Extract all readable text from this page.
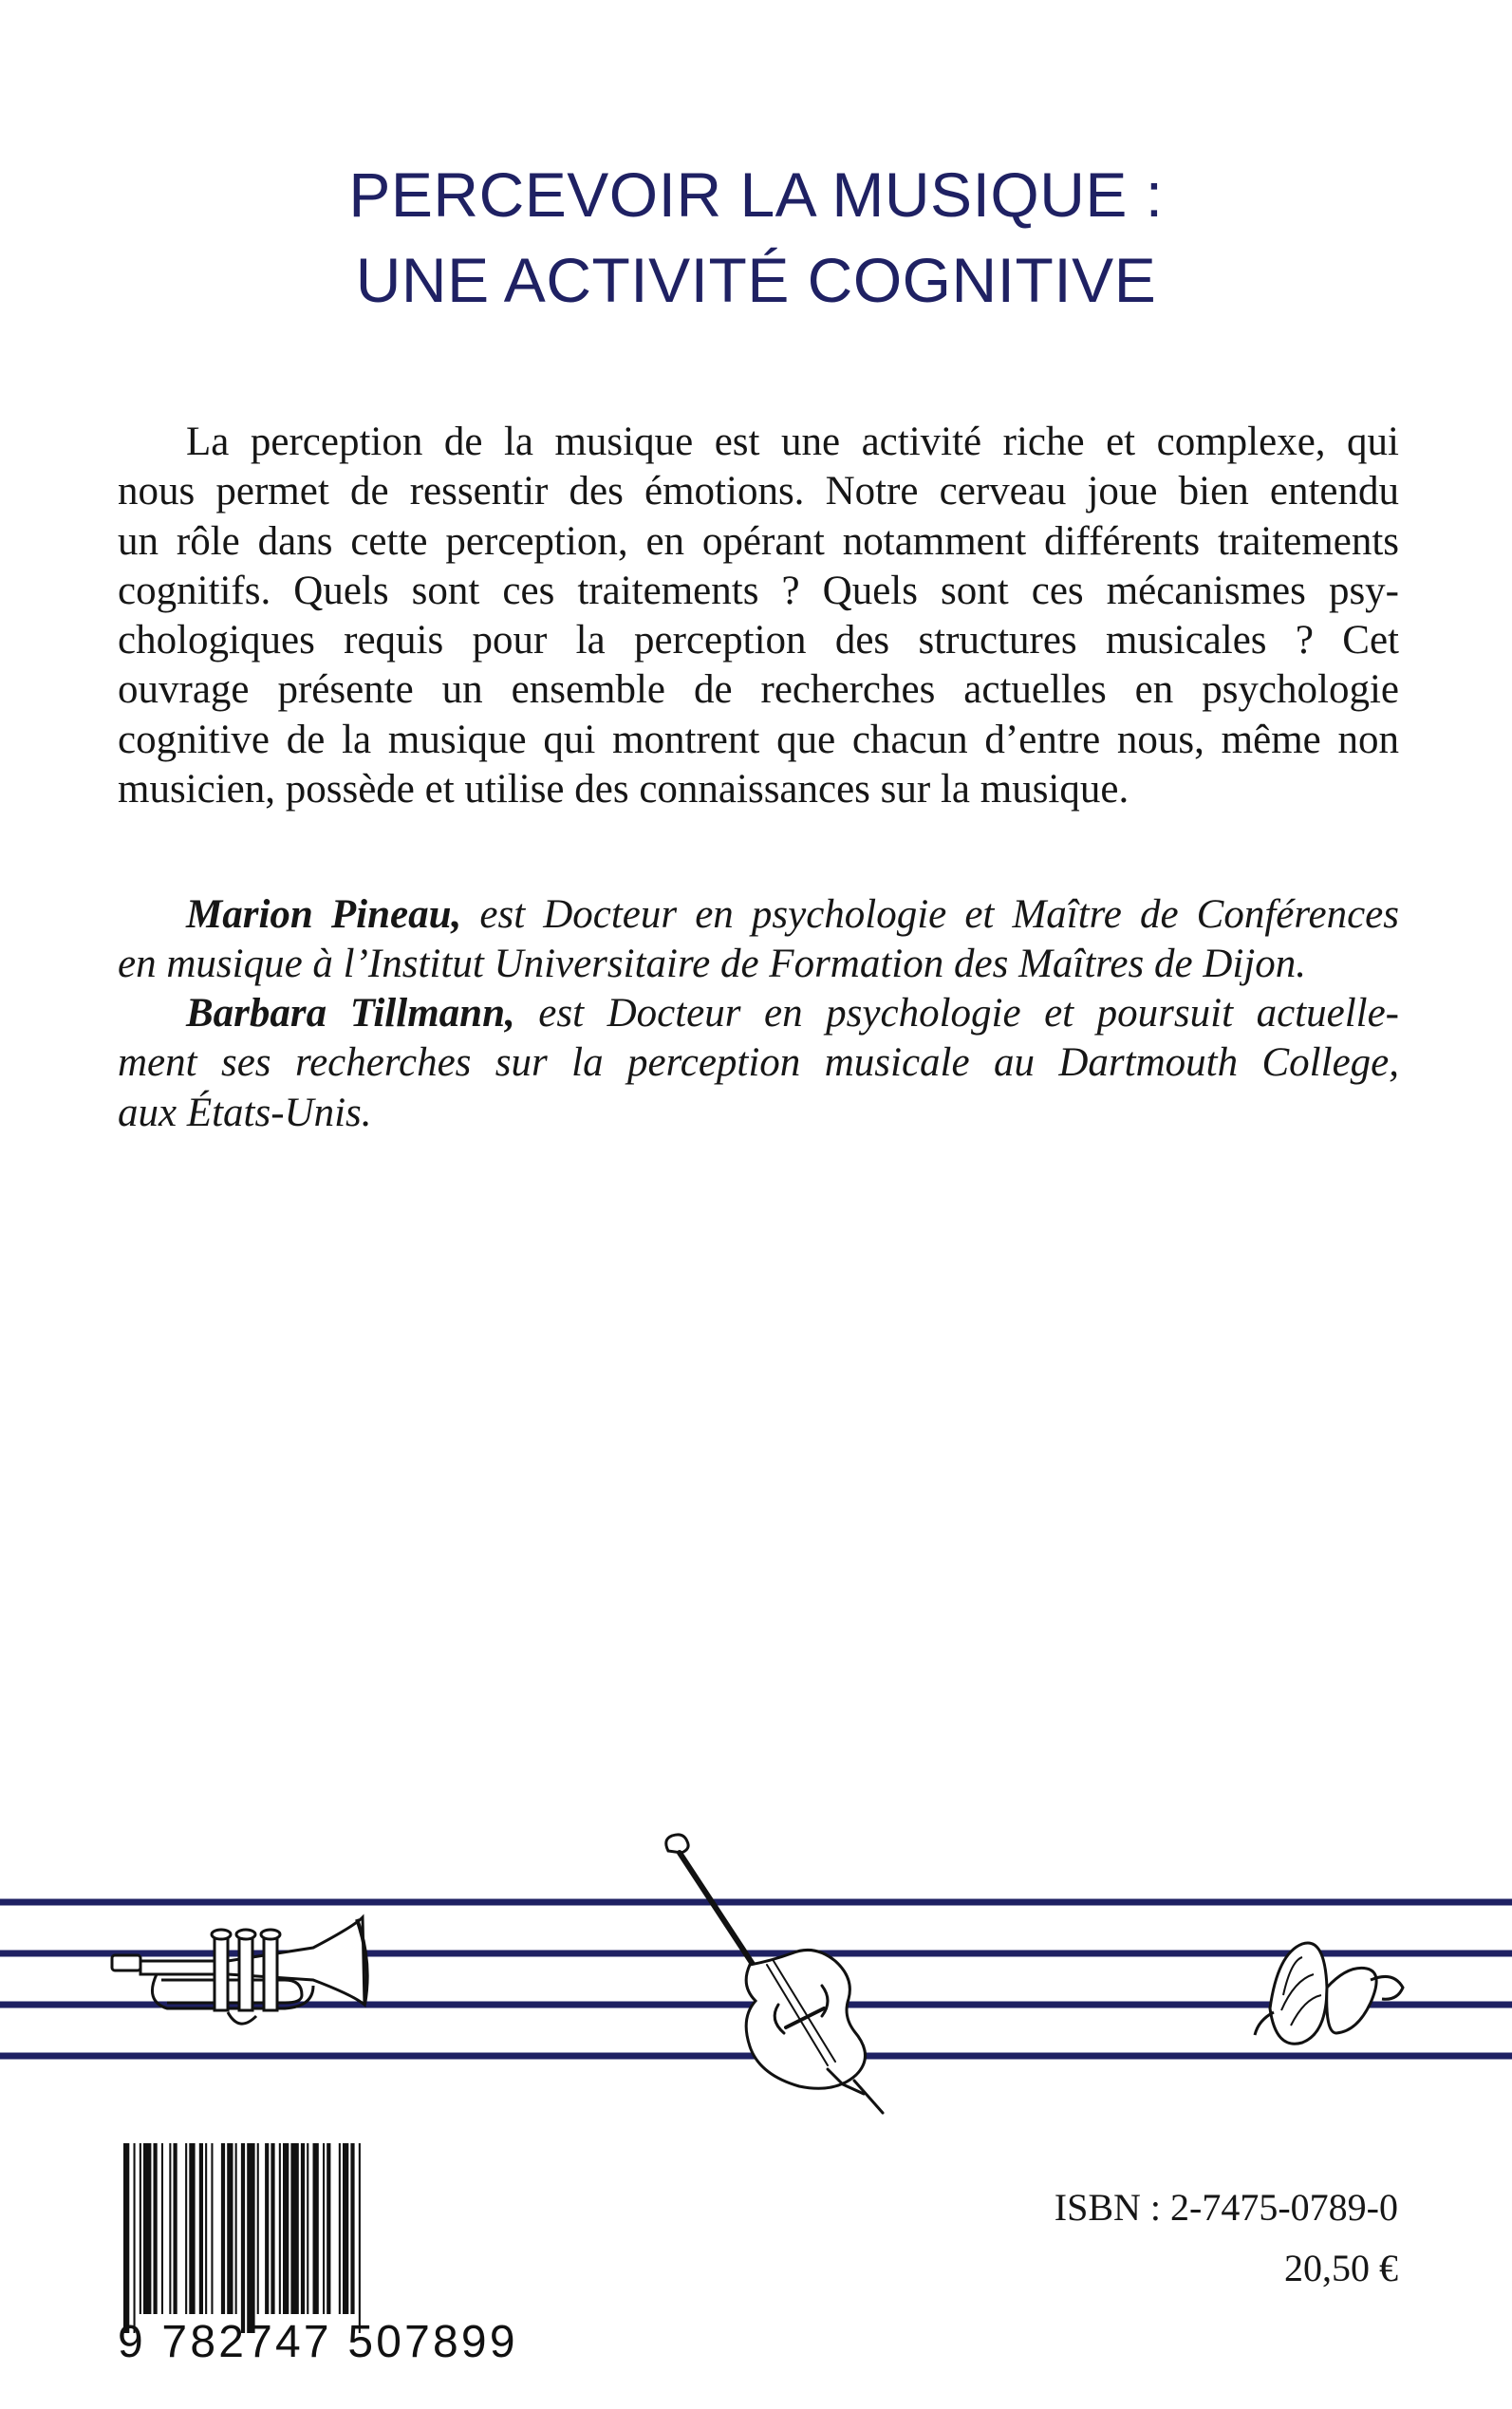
PERCEVOIR LA MUSIQUE :
UNE ACTIVITÉ COGNITIVE

La perception de la musique est une activité riche et complexe, qui
nous permet de ressentir des émotions. Notre cerveau joue bien entendu
un rôle dans cette perception, en opérant notamment différents traitements
cognitifs. Quels sont ces traitements ? Quels sont ces mécanismes psy-
chologiques requis pour la perception des structures musicales ? Cet
ouvrage présente un ensemble de recherches actuelles en psychologie
cognitive de la musique qui montrent que chacun d’entre nous, même non
musicien, possède et utilise des connaissances sur la musique.

Marion Pineau, est Docteur en psychologie et Maître de Conférences
en musique à l’Institut Universitaire de Formation des Maîtres de Dijon.

Barbara Tillmann, est Docteur en psychologie et poursuit actuelle-
ment ses recherches sur la perception musicale au Dartmouth College,
aux États-Unis.

9 782747 507899

ISBN : 2-7475-0789-0

20,50 €
